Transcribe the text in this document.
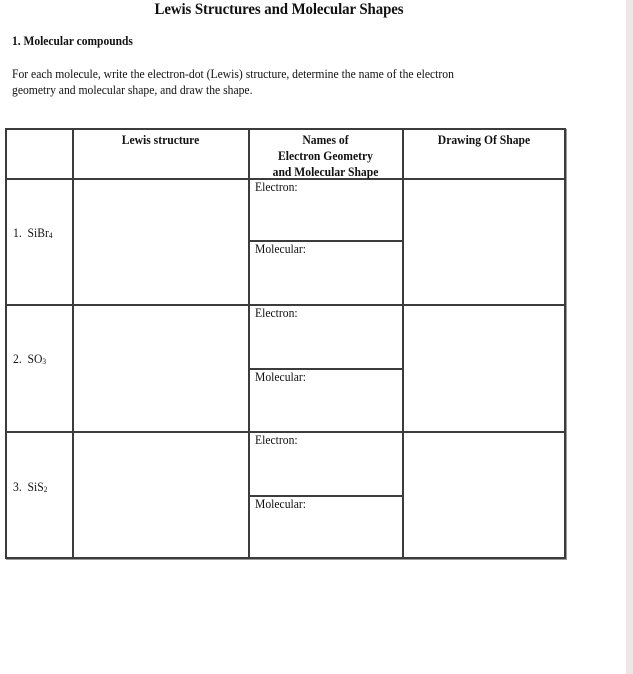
Lewis Structures and Molecular Shapes
1. Molecular compounds
For each molecule, write the electron-dot (Lewis) structure, determine the name of the electron
geometry and molecular shape, and draw the shape.
Lewis structure	Names of
Electron Geometry
and Molecular Shape
Drawing Of Shape
1. SiBr$_4$
Electron:
Molecular:
2. $SO_3$
Electron:
Molecular:
3. SiS$_2$
Electron:
Molecular:
